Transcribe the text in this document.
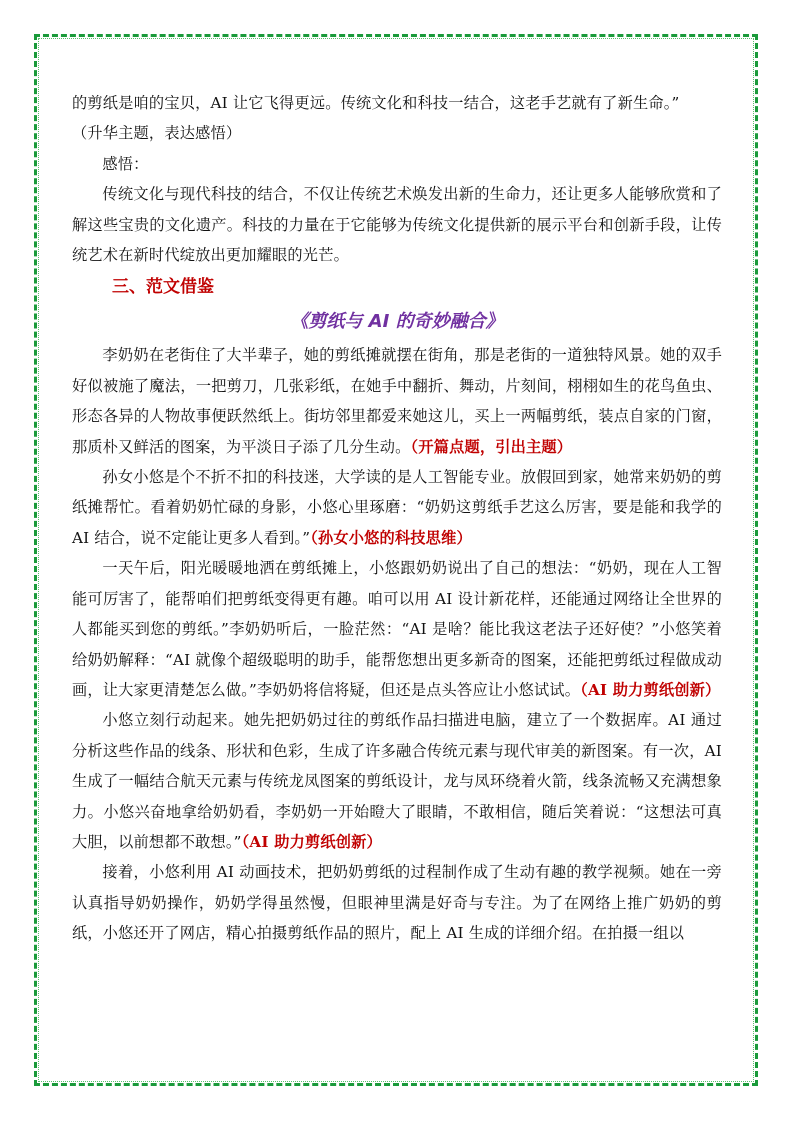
的剪纸是咱的宝贝，AI 让它飞得更远。传统文化和科技一结合，这老手艺就有了新生命。”

（升华主题，表达感悟）

感悟：

传统文化与现代科技的结合，不仅让传统艺术焕发出新的生命力，还让更多人能够欣赏和了解这些宝贵的文化遗产。科技的力量在于它能够为传统文化提供新的展示平台和创新手段，让传统艺术在新时代绽放出更加耀眼的光芒。

三、范文借鉴

《剪纸与 AI 的奇妙融合》

李奶奶在老街住了大半辈子，她的剪纸摊就摆在街角，那是老街的一道独特风景。她的双手好似被施了魔法，一把剪刀，几张彩纸，在她手中翻折、舞动，片刻间，栩栩如生的花鸟鱼虫、形态各异的人物故事便跃然纸上。街坊邻里都爱来她这儿，买上一两幅剪纸，装点自家的门窗，那质朴又鲜活的图案，为平淡日子添了几分生动。（开篇点题，引出主题）

孙女小悠是个不折不扣的科技迷，大学读的是人工智能专业。放假回到家，她常来奶奶的剪纸摊帮忙。看着奶奶忙碌的身影，小悠心里琢磨：“奶奶这剪纸手艺这么厉害，要是能和我学的 AI 结合，说不定能让更多人看到。”（孙女小悠的科技思维）

一天午后，阳光暖暖地洒在剪纸摊上，小悠跟奶奶说出了自己的想法：“奶奶，现在人工智能可厉害了，能帮咱们把剪纸变得更有趣。咱可以用 AI 设计新花样，还能通过网络让全世界的人都能买到您的剪纸。”李奶奶听后，一脸茫然：“AI 是啥？能比我这老法子还好使？”小悠笑着给奶奶解释：“AI 就像个超级聪明的助手，能帮您想出更多新奇的图案，还能把剪纸过程做成动画，让大家更清楚怎么做。”李奶奶将信将疑，但还是点头答应让小悠试试。（AI 助力剪纸创新）

小悠立刻行动起来。她先把奶奶过往的剪纸作品扫描进电脑，建立了一个数据库。AI 通过分析这些作品的线条、形状和色彩，生成了许多融合传统元素与现代审美的新图案。有一次，AI 生成了一幅结合航天元素与传统龙凤图案的剪纸设计，龙与凤环绕着火箭，线条流畅又充满想象力。小悠兴奋地拿给奶奶看，李奶奶一开始瞪大了眼睛，不敢相信，随后笑着说：“这想法可真大胆，以前想都不敢想。”（AI 助力剪纸创新）

接着，小悠利用 AI 动画技术，把奶奶剪纸的过程制作成了生动有趣的教学视频。她在一旁认真指导奶奶操作，奶奶学得虽然慢，但眼神里满是好奇与专注。为了在网络上推广奶奶的剪纸，小悠还开了网店，精心拍摄剪纸作品的照片，配上 AI 生成的详细介绍。在拍摄一组以
